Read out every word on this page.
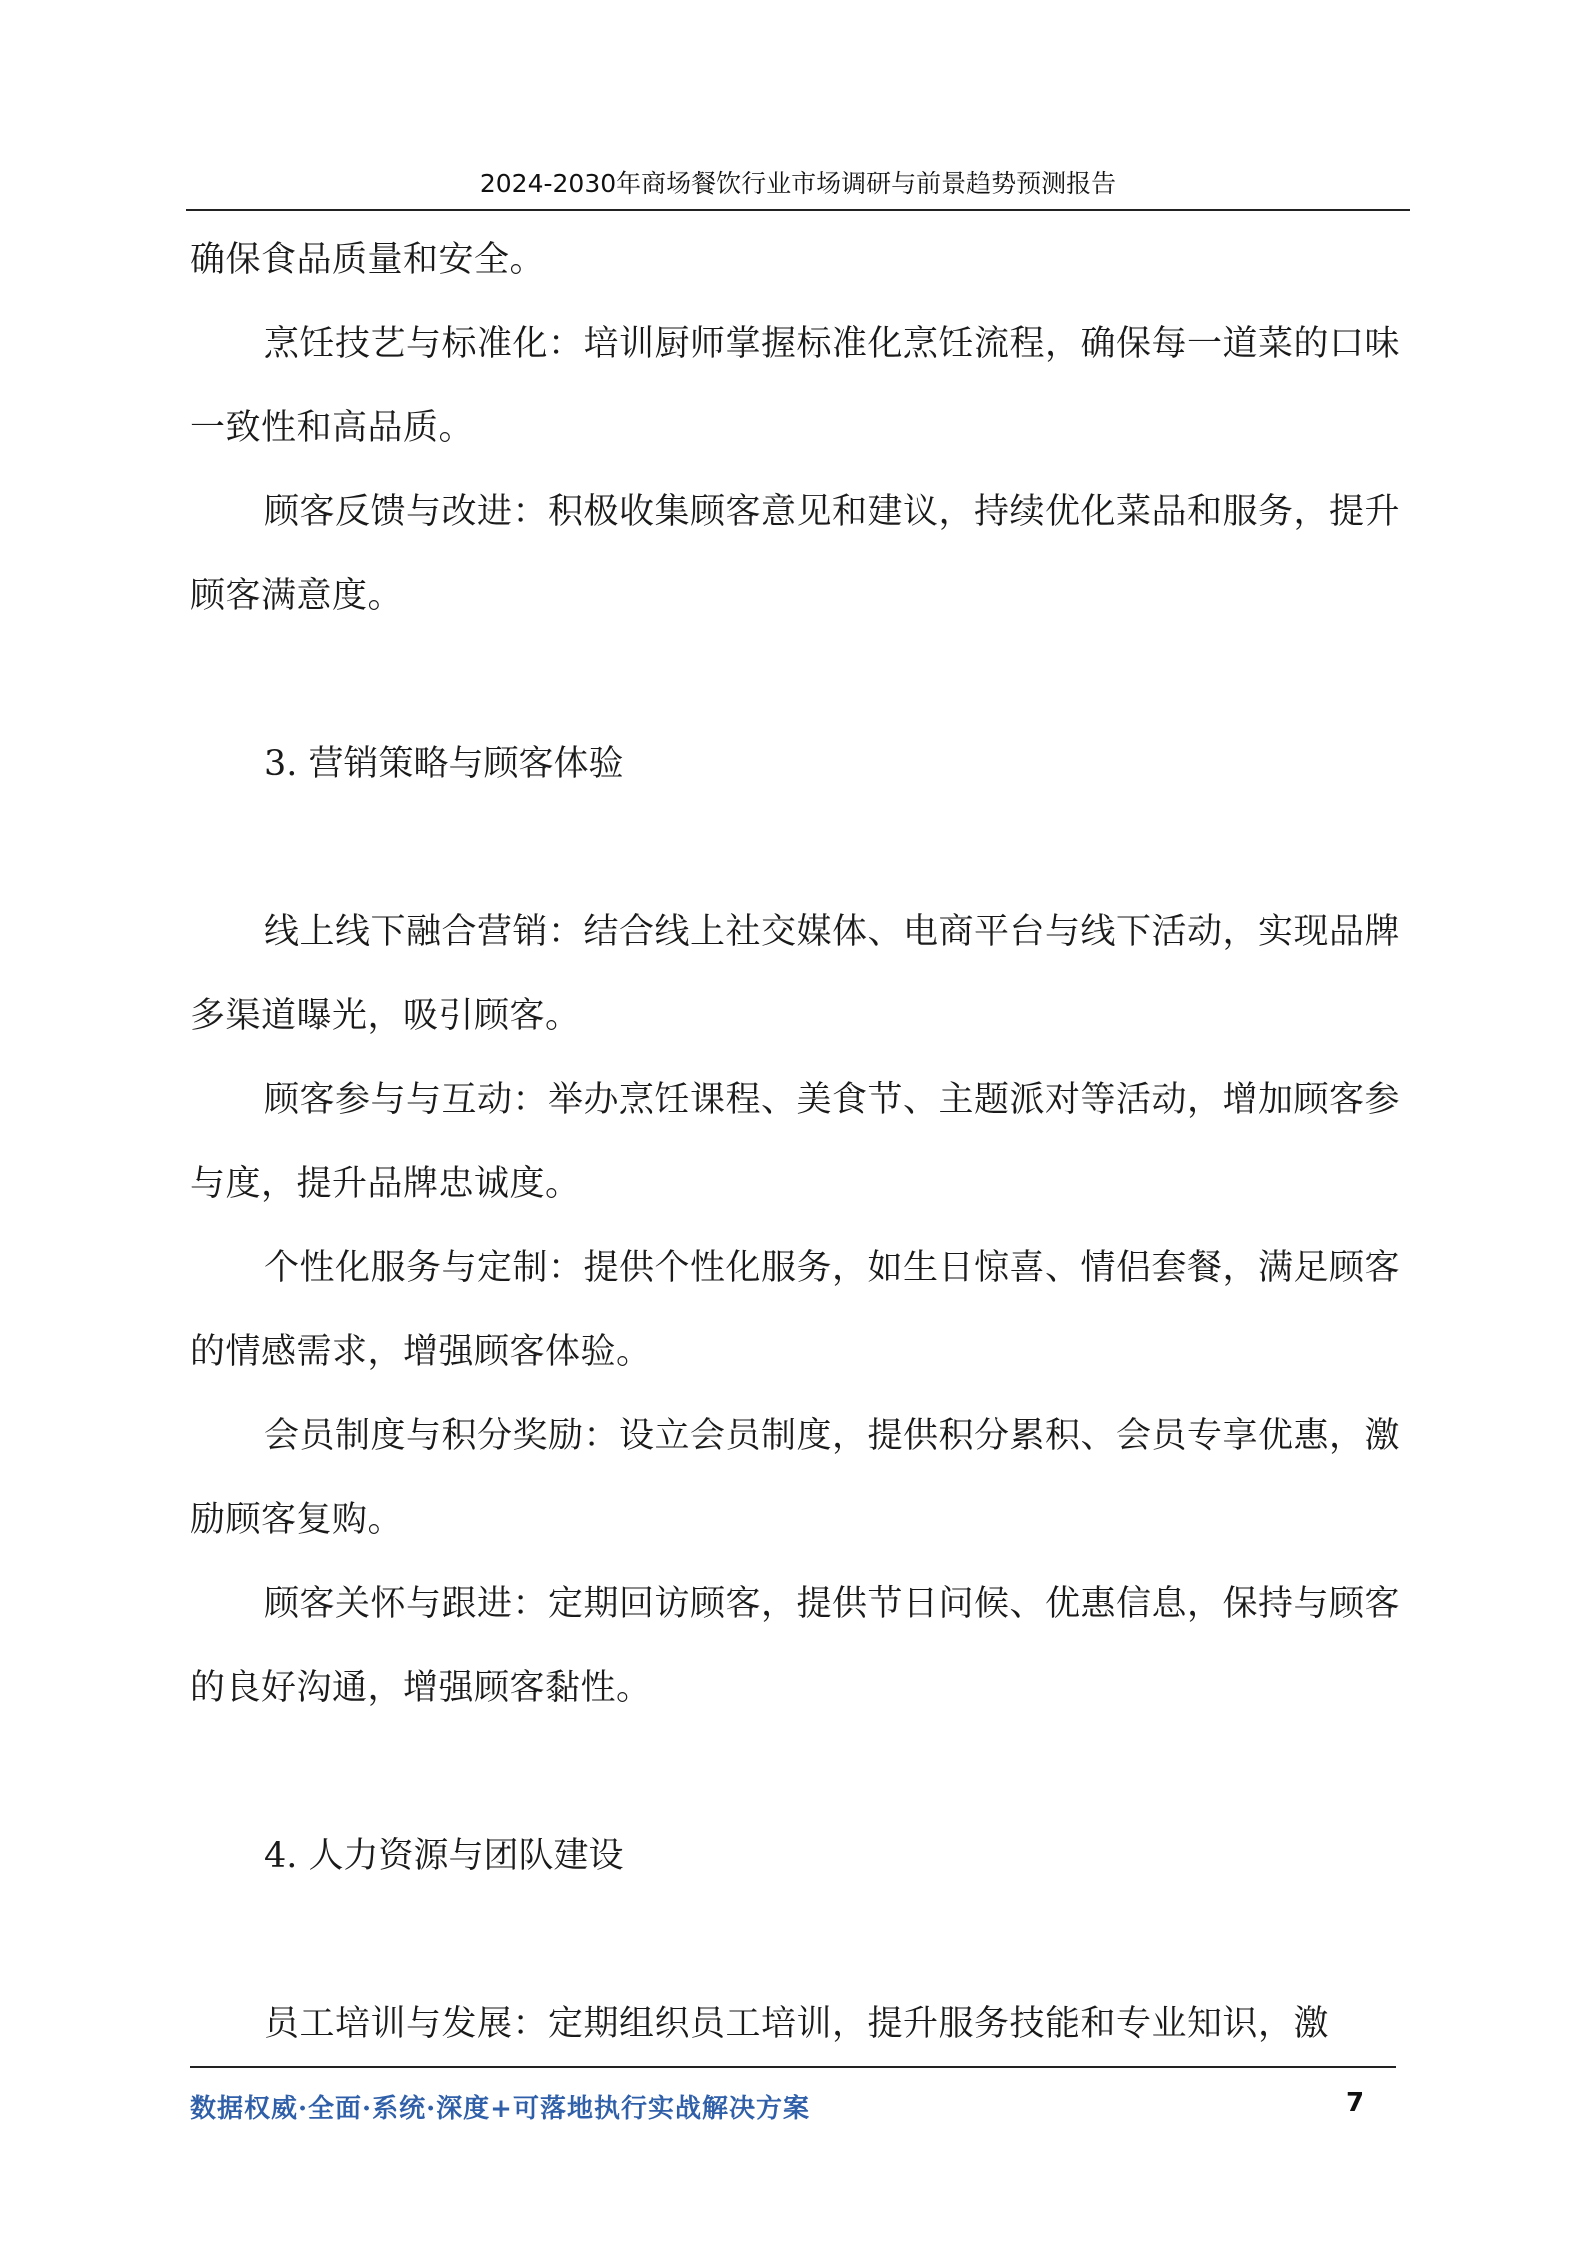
2024-2030年商场餐饮行业市场调研与前景趋势预测报告

确保食品质量和安全。

烹饪技艺与标准化：培训厨师掌握标准化烹饪流程，确保每一道菜的口味一致性和高品质。

顾客反馈与改进：积极收集顾客意见和建议，持续优化菜品和服务，提升顾客满意度。

3. 营销策略与顾客体验

线上线下融合营销：结合线上社交媒体、电商平台与线下活动，实现品牌多渠道曝光，吸引顾客。

顾客参与与互动：举办烹饪课程、美食节、主题派对等活动，增加顾客参与度，提升品牌忠诚度。

个性化服务与定制：提供个性化服务，如生日惊喜、情侣套餐，满足顾客的情感需求，增强顾客体验。

会员制度与积分奖励：设立会员制度，提供积分累积、会员专享优惠，激励顾客复购。

顾客关怀与跟进：定期回访顾客，提供节日问候、优惠信息，保持与顾客的良好沟通，增强顾客黏性。

4. 人力资源与团队建设

员工培训与发展：定期组织员工培训，提升服务技能和专业知识，激

数据权威·全面·系统·深度+可落地执行实战解决方案	7
